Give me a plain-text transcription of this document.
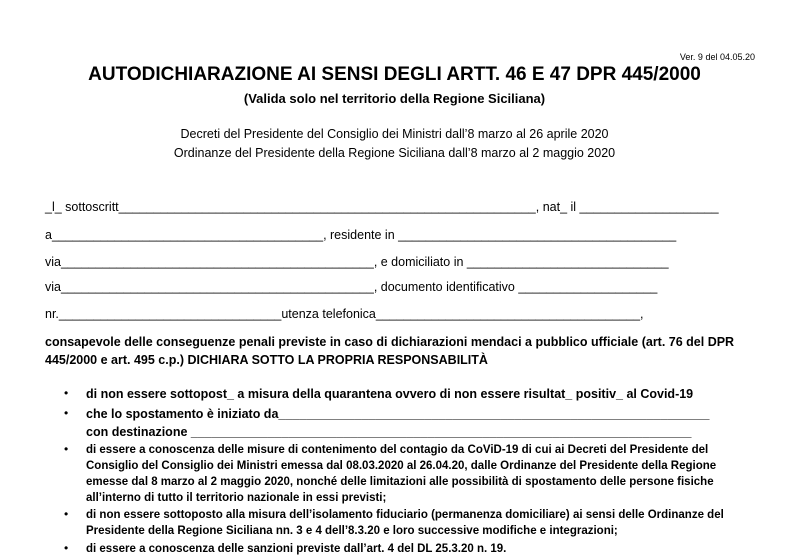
Ver. 9 del 04.05.20
AUTODICHIARAZIONE AI SENSI DEGLI ARTT. 46 E 47 DPR 445/2000
(Valida solo nel territorio della Regione Siciliana)
Decreti del Presidente del Consiglio dei Ministri dall’8 marzo al 26 aprile 2020
Ordinanze del Presidente della Regione Siciliana dall’8 marzo al 2 maggio 2020
_l_ sottoscritt____________________________________________________________, nat_ il ____________________
a_______________________________________, residente in ________________________________________
via_____________________________________________, e domiciliato in _____________________________
via_____________________________________________, documento identificativo ____________________
nr.________________________________utenza telefonica______________________________________,
consapevole delle conseguenze penali previste in caso di dichiarazioni mendaci a pubblico ufficiale (art. 76 del DPR 445/2000 e art. 495 c.p.) DICHIARA SOTTO LA PROPRIA RESPONSABILITÀ
• di non essere sottopost_ a misura della quarantena ovvero di non essere risultat_ positiv_ al Covid-19
• che lo spostamento è iniziato da______________________________________________________________
con destinazione ________________________________________________________________________
• di essere a conoscenza delle misure di contenimento del contagio da CoViD-19 di cui ai Decreti del Presidente del Consiglio del Consiglio dei Ministri emessa dal 08.03.2020 al 26.04.20, dalle Ordinanze del Presidente della Regione emesse dal 8 marzo al 2 maggio 2020, nonché delle limitazioni alle possibilità di spostamento delle persone fisiche all’interno di tutto il territorio nazionale in essi previsti;
• di non essere sottoposto alla misura dell’isolamento fiduciario (permanenza domiciliare) ai sensi delle Ordinanze del Presidente della Regione Siciliana nn. 3 e 4 dell’8.3.20 e loro successive modifiche e integrazioni;
• di essere a conoscenza delle sanzioni previste dall’art. 4 del DL 25.3.20 n. 19.
